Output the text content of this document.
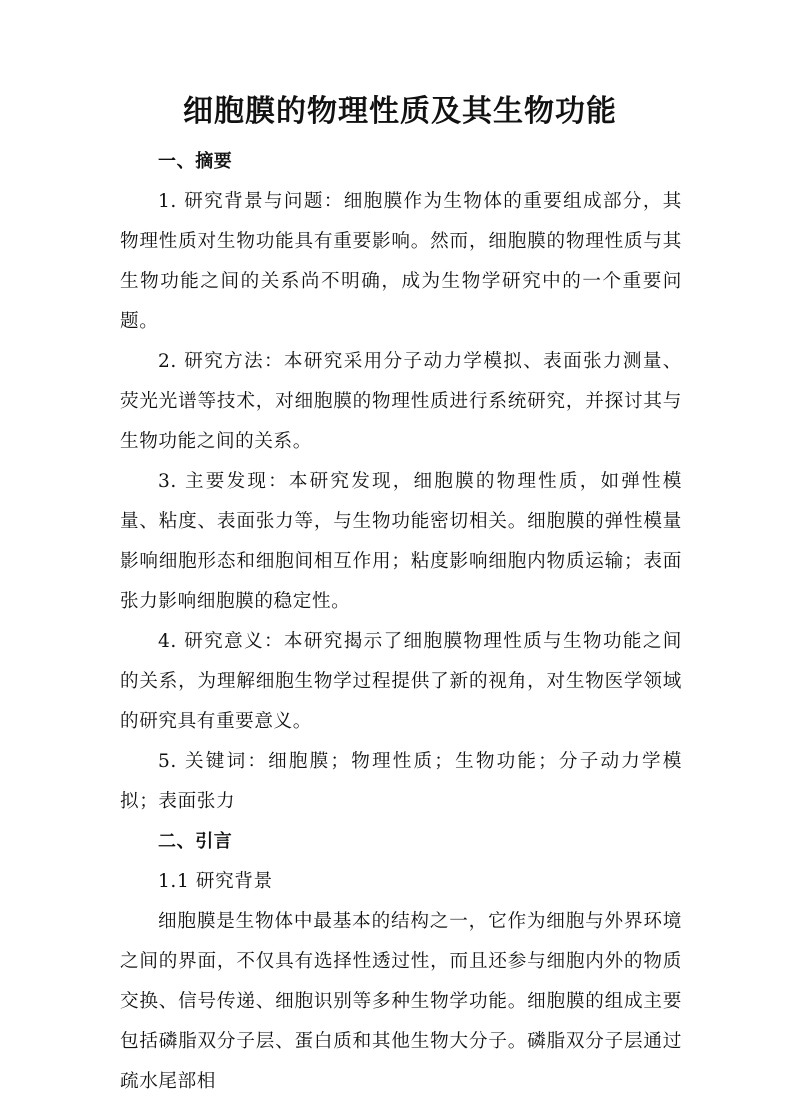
细胞膜的物理性质及其生物功能

一、摘要

1. 研究背景与问题：细胞膜作为生物体的重要组成部分，其物理性质对生物功能具有重要影响。然而，细胞膜的物理性质与其生物功能之间的关系尚不明确，成为生物学研究中的一个重要问题。

2. 研究方法：本研究采用分子动力学模拟、表面张力测量、荧光光谱等技术，对细胞膜的物理性质进行系统研究，并探讨其与生物功能之间的关系。

3. 主要发现：本研究发现，细胞膜的物理性质，如弹性模量、粘度、表面张力等，与生物功能密切相关。细胞膜的弹性模量影响细胞形态和细胞间相互作用；粘度影响细胞内物质运输；表面张力影响细胞膜的稳定性。

4. 研究意义：本研究揭示了细胞膜物理性质与生物功能之间的关系，为理解细胞生物学过程提供了新的视角，对生物医学领域的研究具有重要意义。

5. 关键词：细胞膜；物理性质；生物功能；分子动力学模拟；表面张力

二、引言

1.1 研究背景

细胞膜是生物体中最基本的结构之一，它作为细胞与外界环境之间的界面，不仅具有选择性透过性，而且还参与细胞内外的物质交换、信号传递、细胞识别等多种生物学功能。细胞膜的组成主要包括磷脂双分子层、蛋白质和其他生物大分子。磷脂双分子层通过疏水尾部相
